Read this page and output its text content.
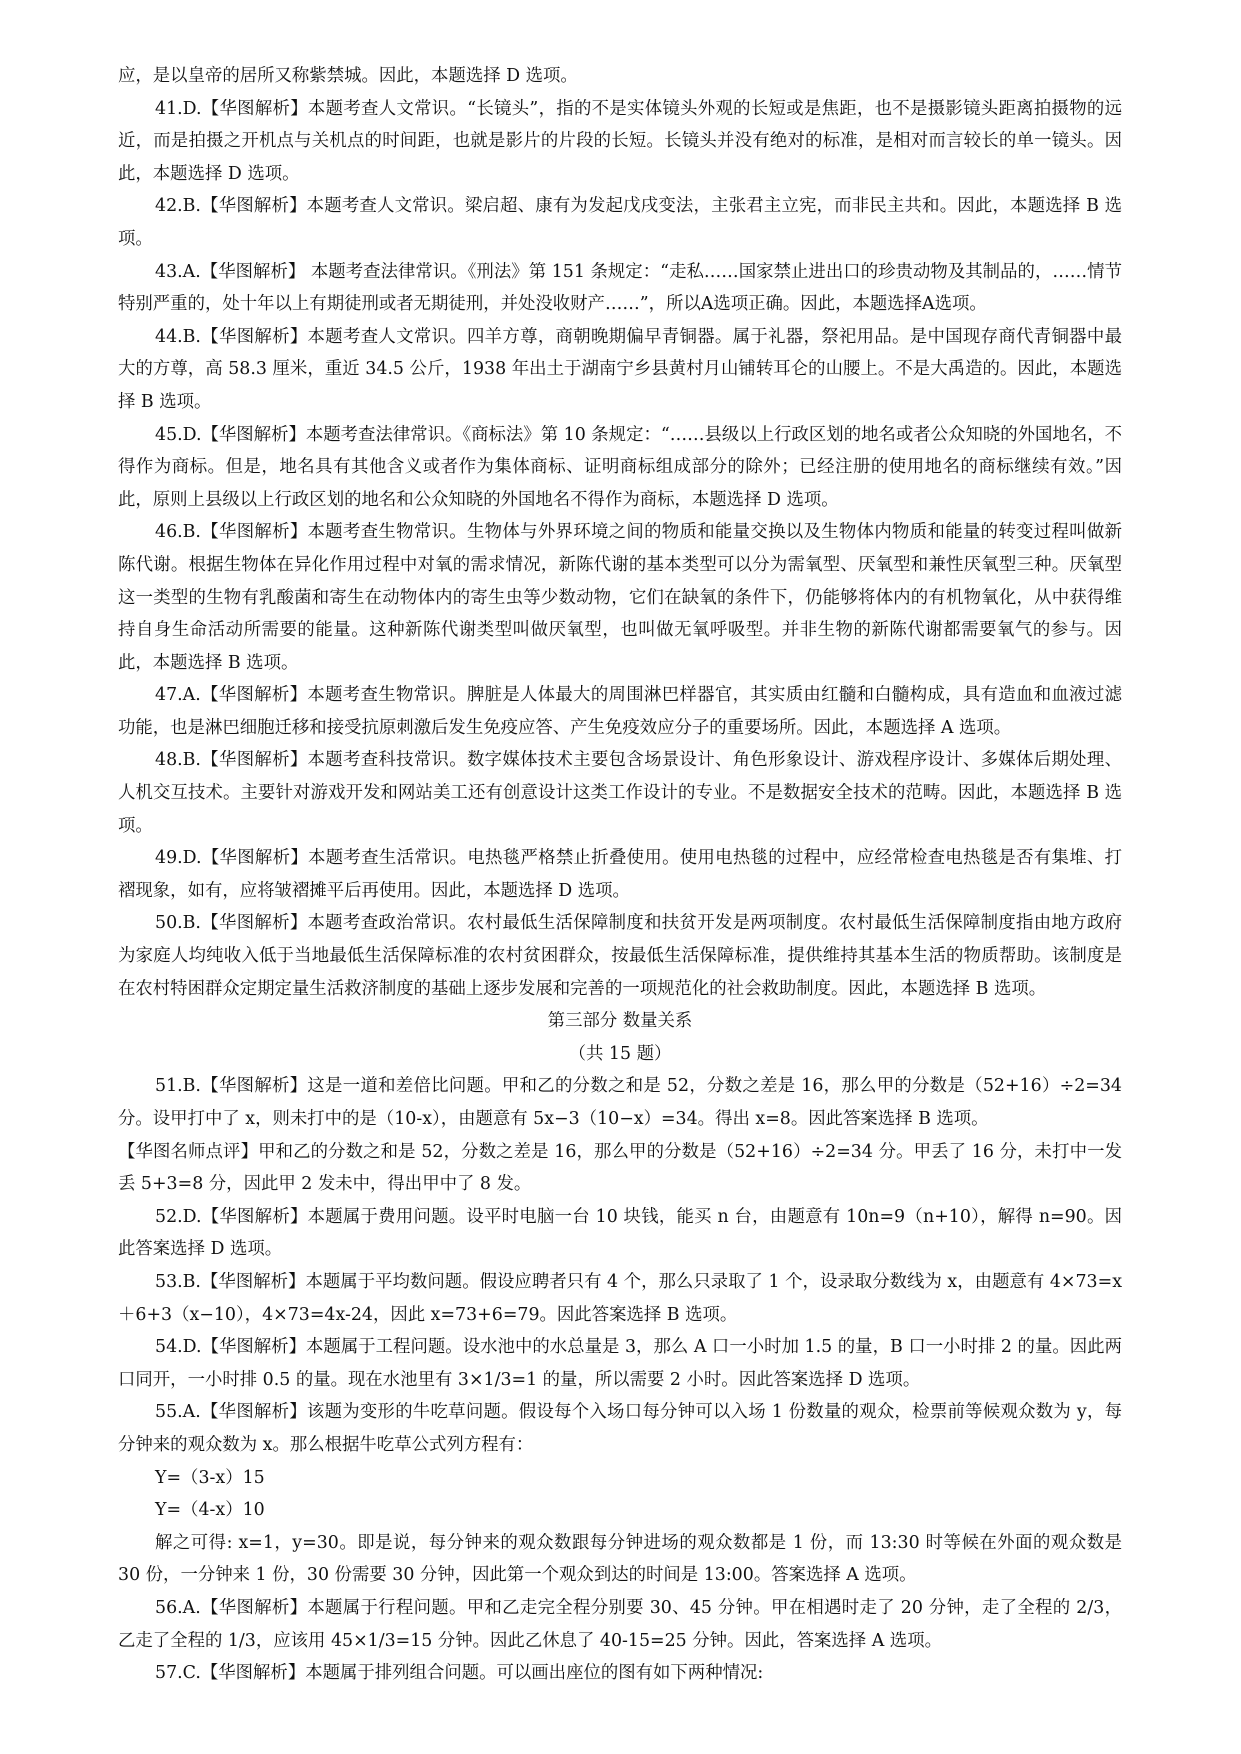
应，是以皇帝的居所又称紫禁城。因此，本题选择 D 选项。

41.D.【华图解析】本题考查人文常识。“长镜头”，指的不是实体镜头外观的长短或是焦距，也不是摄影镜头距离拍摄物的远近，而是拍摄之开机点与关机点的时间距，也就是影片的片段的长短。长镜头并没有绝对的标准，是相对而言较长的单一镜头。因此，本题选择 D 选项。

42.B.【华图解析】本题考查人文常识。梁启超、康有为发起戊戌变法，主张君主立宪，而非民主共和。因此，本题选择 B 选项。

43.A.【华图解析】 本题考查法律常识。《刑法》第 151 条规定：“走私……国家禁止进出口的珍贵动物及其制品的，……情节特别严重的，处十年以上有期徒刑或者无期徒刑，并处没收财产……”，所以A选项正确。因此，本题选择A选项。

44.B.【华图解析】本题考查人文常识。四羊方尊，商朝晚期偏早青铜器。属于礼器，祭祀用品。是中国现存商代青铜器中最大的方尊，高 58.3 厘米，重近 34.5 公斤，1938 年出土于湖南宁乡县黄村月山铺转耳仑的山腰上。不是大禹造的。因此，本题选择 B 选项。

45.D.【华图解析】本题考查法律常识。《商标法》第 10 条规定：“……县级以上行政区划的地名或者公众知晓的外国地名，不得作为商标。但是，地名具有其他含义或者作为集体商标、证明商标组成部分的除外；已经注册的使用地名的商标继续有效。”因此，原则上县级以上行政区划的地名和公众知晓的外国地名不得作为商标，本题选择 D 选项。

46.B.【华图解析】本题考查生物常识。生物体与外界环境之间的物质和能量交换以及生物体内物质和能量的转变过程叫做新陈代谢。根据生物体在异化作用过程中对氧的需求情况，新陈代谢的基本类型可以分为需氧型、厌氧型和兼性厌氧型三种。厌氧型这一类型的生物有乳酸菌和寄生在动物体内的寄生虫等少数动物，它们在缺氧的条件下，仍能够将体内的有机物氧化，从中获得维持自身生命活动所需要的能量。这种新陈代谢类型叫做厌氧型，也叫做无氧呼吸型。并非生物的新陈代谢都需要氧气的参与。因此，本题选择 B 选项。

47.A.【华图解析】本题考查生物常识。脾脏是人体最大的周围淋巴样器官，其实质由红髓和白髓构成，具有造血和血液过滤功能，也是淋巴细胞迁移和接受抗原刺激后发生免疫应答、产生免疫效应分子的重要场所。因此，本题选择 A 选项。

48.B.【华图解析】本题考查科技常识。数字媒体技术主要包含场景设计、角色形象设计、游戏程序设计、多媒体后期处理、人机交互技术。主要针对游戏开发和网站美工还有创意设计这类工作设计的专业。不是数据安全技术的范畴。因此，本题选择 B 选项。

49.D.【华图解析】本题考查生活常识。电热毯严格禁止折叠使用。使用电热毯的过程中，应经常检查电热毯是否有集堆、打褶现象，如有，应将皱褶摊平后再使用。因此，本题选择 D 选项。

50.B.【华图解析】本题考查政治常识。农村最低生活保障制度和扶贫开发是两项制度。农村最低生活保障制度指由地方政府为家庭人均纯收入低于当地最低生活保障标准的农村贫困群众，按最低生活保障标准，提供维持其基本生活的物质帮助。该制度是在农村特困群众定期定量生活救济制度的基础上逐步发展和完善的一项规范化的社会救助制度。因此，本题选择 B 选项。

第三部分 数量关系

（共 15 题）

51.B.【华图解析】这是一道和差倍比问题。甲和乙的分数之和是 52，分数之差是 16，那么甲的分数是（52+16）÷2=34 分。设甲打中了 x，则未打中的是（10-x），由题意有 5x−3（10−x）=34。得出 x=8。因此答案选择 B 选项。

【华图名师点评】甲和乙的分数之和是 52，分数之差是 16，那么甲的分数是（52+16）÷2=34 分。甲丢了 16 分，未打中一发丢 5+3=8 分，因此甲 2 发未中，得出甲中了 8 发。

52.D.【华图解析】本题属于费用问题。设平时电脑一台 10 块钱，能买 n 台，由题意有 10n=9（n+10），解得 n=90。因此答案选择 D 选项。

53.B.【华图解析】本题属于平均数问题。假设应聘者只有 4 个，那么只录取了 1 个，设录取分数线为 x，由题意有 4×73=x＋6+3（x−10），4×73=4x-24，因此 x=73+6=79。因此答案选择 B 选项。

54.D.【华图解析】本题属于工程问题。设水池中的水总量是 3，那么 A 口一小时加 1.5 的量，B 口一小时排 2 的量。因此两口同开，一小时排 0.5 的量。现在水池里有 3×1/3=1 的量，所以需要 2 小时。因此答案选择 D 选项。

55.A.【华图解析】该题为变形的牛吃草问题。假设每个入场口每分钟可以入场 1 份数量的观众，检票前等候观众数为 y，每分钟来的观众数为 x。那么根据牛吃草公式列方程有：

Y=（3-x）15

Y=（4-x）10

解之可得: x=1，y=30。即是说，每分钟来的观众数跟每分钟进场的观众数都是 1 份，而 13:30 时等候在外面的观众数是 30 份，一分钟来 1 份，30 份需要 30 分钟，因此第一个观众到达的时间是 13:00。答案选择 A 选项。

56.A.【华图解析】本题属于行程问题。甲和乙走完全程分别要 30、45 分钟。甲在相遇时走了 20 分钟，走了全程的 2/3，乙走了全程的 1/3，应该用 45×1/3=15 分钟。因此乙休息了 40-15=25 分钟。因此，答案选择 A 选项。

57.C.【华图解析】本题属于排列组合问题。可以画出座位的图有如下两种情况:
